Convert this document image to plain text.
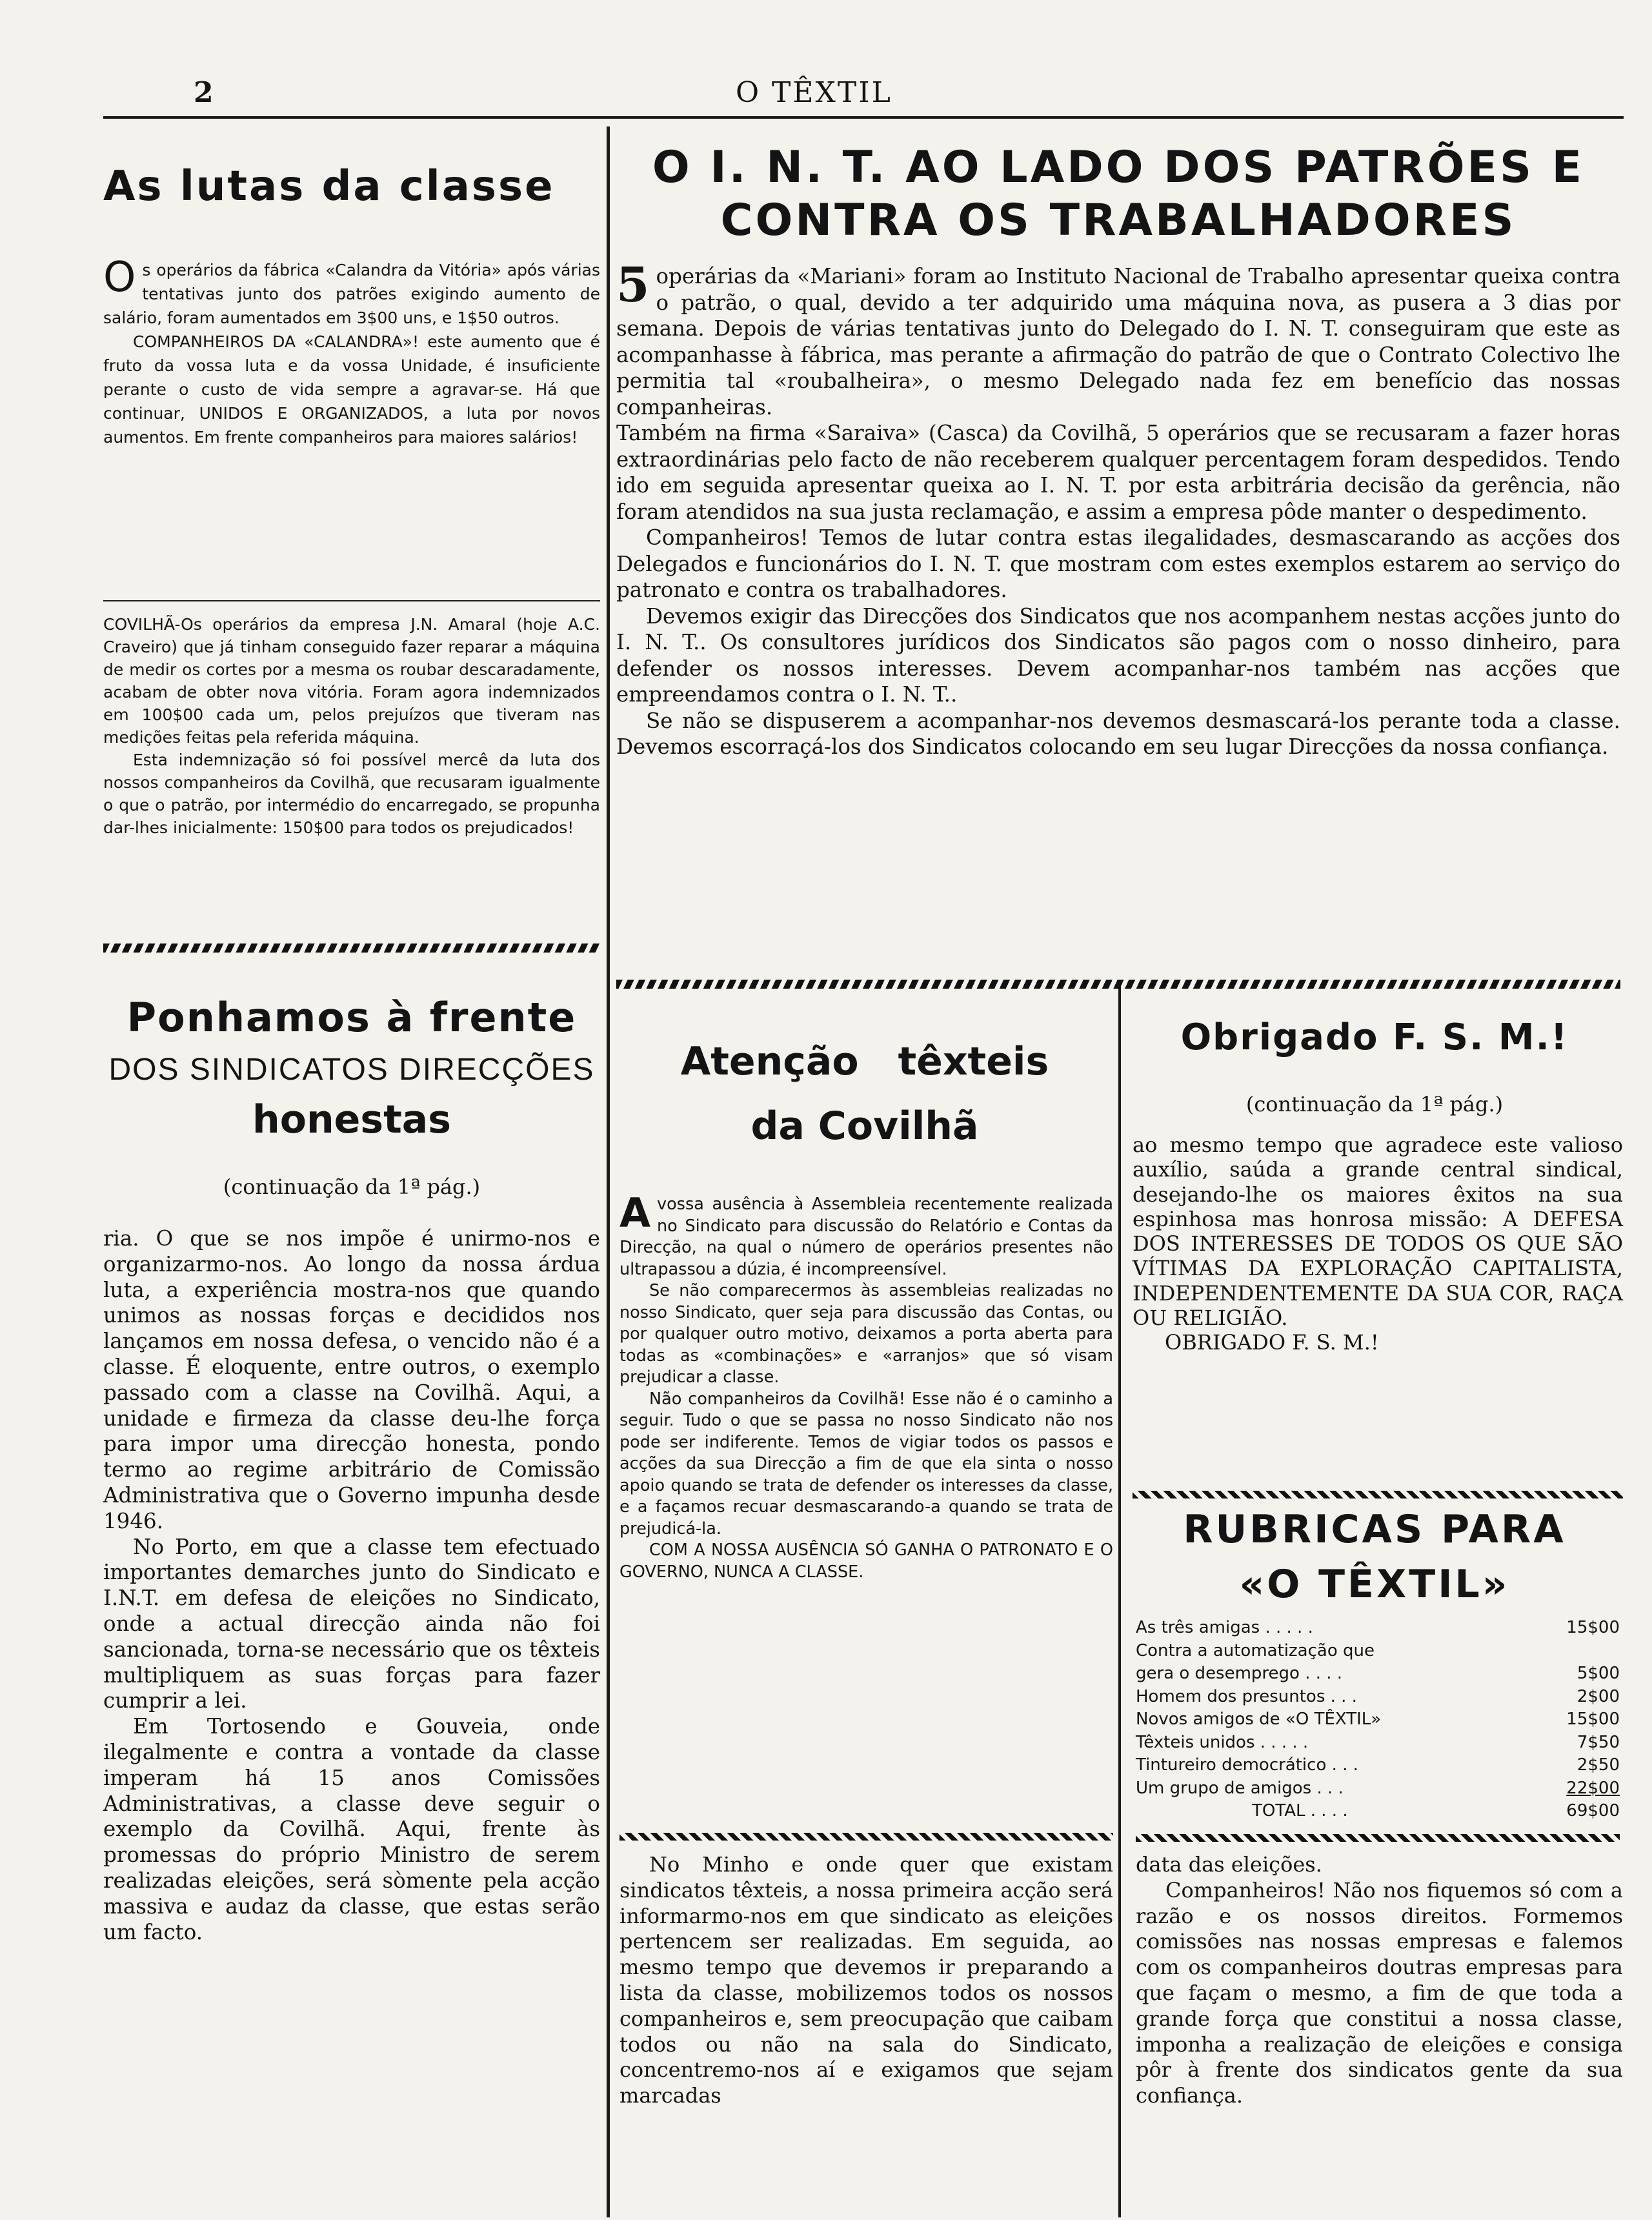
2	O TÊXTIL
As lutas da classe

Os operários da fábrica «Calandra da Vitória» após várias tentativas junto dos patrões exigindo aumento de salário, foram aumentados em 3$00 uns, e 1$50 outros.

COMPANHEIROS DA «CALANDRA»! este aumento que é fruto da vossa luta e da vossa Unidade, é insuficiente perante o custo de vida sempre a agravar-se. Há que continuar, UNIDOS E ORGANIZADOS, a luta por novos aumentos. Em frente companheiros para maiores salários!

COVILHÃ-Os operários da empresa J.N. Amaral (hoje A.C. Craveiro) que já tinham conseguido fazer reparar a máquina de medir os cortes por a mesma os roubar descaradamente, acabam de obter nova vitória. Foram agora indemnizados em 100$00 cada um, pelos prejuízos que tiveram nas medições feitas pela referida máquina.

Esta indemnização só foi possível mercê da luta dos nossos companheiros da Covilhã, que recusaram igualmente o que o patrão, por intermédio do encarregado, se propunha dar-lhes inicialmente: 150$00 para todos os prejudicados!

O I. N. T. AO LADO DOS PATRÕES E
CONTRA OS TRABALHADORES

5 operárias da «Mariani» foram ao Instituto Nacional de Trabalho apresentar queixa contra o patrão, o qual, devido a ter adquirido uma máquina nova, as pusera a 3 dias por semana. Depois de várias tentativas junto do Delegado do I. N. T. conseguiram que este as acompanhasse à fábrica, mas perante a afirmação do patrão de que o Contrato Colectivo lhe permitia tal «roubalheira», o mesmo Delegado nada fez em benefício das nossas companheiras.

Também na firma «Saraiva» (Casca) da Covilhã, 5 operários que se recusaram a fazer horas extraordinárias pelo facto de não receberem qualquer percentagem foram despedidos. Tendo ido em seguida apresentar queixa ao I. N. T. por esta arbitrária decisão da gerência, não foram atendidos na sua justa reclamação, e assim a empresa pôde manter o despedimento.

Companheiros! Temos de lutar contra estas ilegalidades, desmascarando as acções dos Delegados e funcionários do I. N. T. que mostram com estes exemplos estarem ao serviço do patronato e contra os trabalhadores.

Devemos exigir das Direcções dos Sindicatos que nos acompanhem nestas acções junto do I. N. T.. Os consultores jurídicos dos Sindicatos são pagos com o nosso dinheiro, para defender os nossos interesses. Devem acompanhar-nos também nas acções que empreendamos contra o I. N. T..

Se não se dispuserem a acompanhar-nos devemos desmascará-los perante toda a classe. Devemos escorraçá-los dos Sindicatos colocando em seu lugar Direcções da nossa confiança.

Ponhamos à frente
DOS SINDICATOS DIRECÇÕES
honestas
(continuação da 1ª pág.)

ria. O que se nos impõe é unirmo-nos e organizarmo-nos. Ao longo da nossa árdua luta, a experiência mostra-nos que quando unimos as nossas forças e decididos nos lançamos em nossa defesa, o vencido não é a classe. É eloquente, entre outros, o exemplo passado com a classe na Covilhã. Aqui, a unidade e firmeza da classe deu-lhe força para impor uma direcção honesta, pondo termo ao regime arbitrário de Comissão Administrativa que o Governo impunha desde 1946.

No Porto, em que a classe tem efectuado importantes demarches junto do Sindicato e I.N.T. em defesa de eleições no Sindicato, onde a actual direcção ainda não foi sancionada, torna-se necessário que os têxteis multipliquem as suas forças para fazer cumprir a lei.

Em Tortosendo e Gouveia, onde ilegalmente e contra a vontade da classe imperam há 15 anos Comissões Administrativas, a classe deve seguir o exemplo da Covilhã. Aqui, frente às promessas do próprio Ministro de serem realizadas eleições, será sòmente pela acção massiva e audaz da classe, que estas serão um facto.

Atenção têxteis
da Covilhã

Avossa ausência à Assembleia recentemente realizada no Sindicato para discussão do Relatório e Contas da Direcção, na qual o número de operários presentes não ultrapassou a dúzia, é incompreensível.

Se não comparecermos às assembleias realizadas no nosso Sindicato, quer seja para discussão das Contas, ou por qualquer outro motivo, deixamos a porta aberta para todas as «combinações» e «arranjos» que só visam prejudicar a classe.

Não companheiros da Covilhã! Esse não é o caminho a seguir. Tudo o que se passa no nosso Sindicato não nos pode ser indiferente. Temos de vigiar todos os passos e acções da sua Direcção a fim de que ela sinta o nosso apoio quando se trata de defender os interesses da classe, e a façamos recuar desmascarando-a quando se trata de prejudicá-la.

COM A NOSSA AUSÊNCIA SÓ GANHA O PATRONATO E O GOVERNO, NUNCA A CLASSE.

No Minho e onde quer que existam sindicatos têxteis, a nossa primeira acção será informarmo-nos em que sindicato as eleições pertencem ser realizadas. Em seguida, ao mesmo tempo que devemos ir preparando a lista da classe, mobilizemos todos os nossos companheiros e, sem preocupação que caibam todos ou não na sala do Sindicato, concentremo-nos aí e exigamos que sejam marcadas

Obrigado F. S. M.!
(continuação da 1ª pág.)

ao mesmo tempo que agradece este valioso auxílio, saúda a grande central sindical, desejando-lhe os maiores êxitos na sua espinhosa mas honrosa missão: A DEFESA DOS INTERESSES DE TODOS OS QUE SÃO VÍTIMAS DA EXPLORAÇÃO CAPITALISTA, INDEPENDENTEMENTE DA SUA COR, RAÇA OU RELIGIÃO.

OBRIGADO F. S. M.!

RUBRICAS PARA
«O TÊXTIL»
As três amigas . . . . .	15$00
Contra a automatização que
gera o desemprego . . . .	5$00
Homem dos presuntos . . .	2$00
Novos amigos de «O TÊXTIL»	15$00
Têxteis unidos . . . . .	7$50
Tintureiro democrático . . .	2$50
Um grupo de amigos . . .	22$00
TOTAL . . . .	69$00

data das eleições.

Companheiros! Não nos fiquemos só com a razão e os nossos direitos. Formemos comissões nas nossas empresas e falemos com os companheiros doutras empresas para que façam o mesmo, a fim de que toda a grande força que constitui a nossa classe, imponha a realização de eleições e consiga pôr à frente dos sindicatos gente da sua confiança.
